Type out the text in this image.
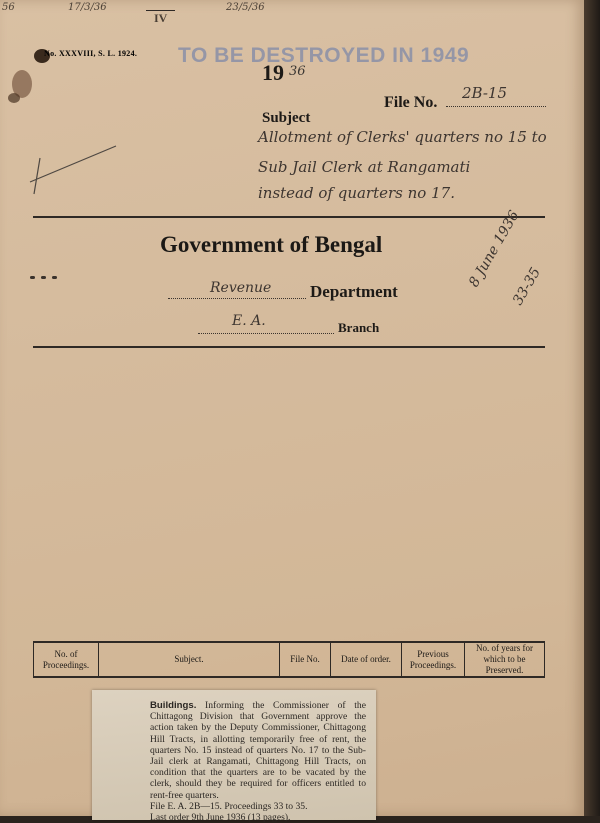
56	17/3/36
IV
23/5/36
No. XXXVIII, S. L. 1924. TO BE DESTROYED IN 1949
19 36
File No.
2B-15
Subject
Allotment of Clerks' quarters no 15 to
Sub Jail Clerk at Rangamati
instead of quarters no 17.
Government of Bengal
Revenue Department
E. A.	Branch
8 June 1936
33-35
No. of Proceedings.	Subject.	File No.	Date of order.	Previous Proceedings.	No. of years for which to be Preserved.
Buildings. Informing the Commissioner of the Chittagong Division that Government approve the action taken by the Deputy Commissioner, Chittagong Hill Tracts, in allotting temporarily free of rent, the quarters No. 15 instead of quarters No. 17 to the Sub-Jail clerk at Rangamati, Chittagong Hill Tracts, on condition that the quarters are to be vacated by the clerk, should they be required for officers entitled to rent-free quarters.
File E. A. 2B—15. Proceedings 33 to 35.
Last order 9th June 1936 (13 pages).
